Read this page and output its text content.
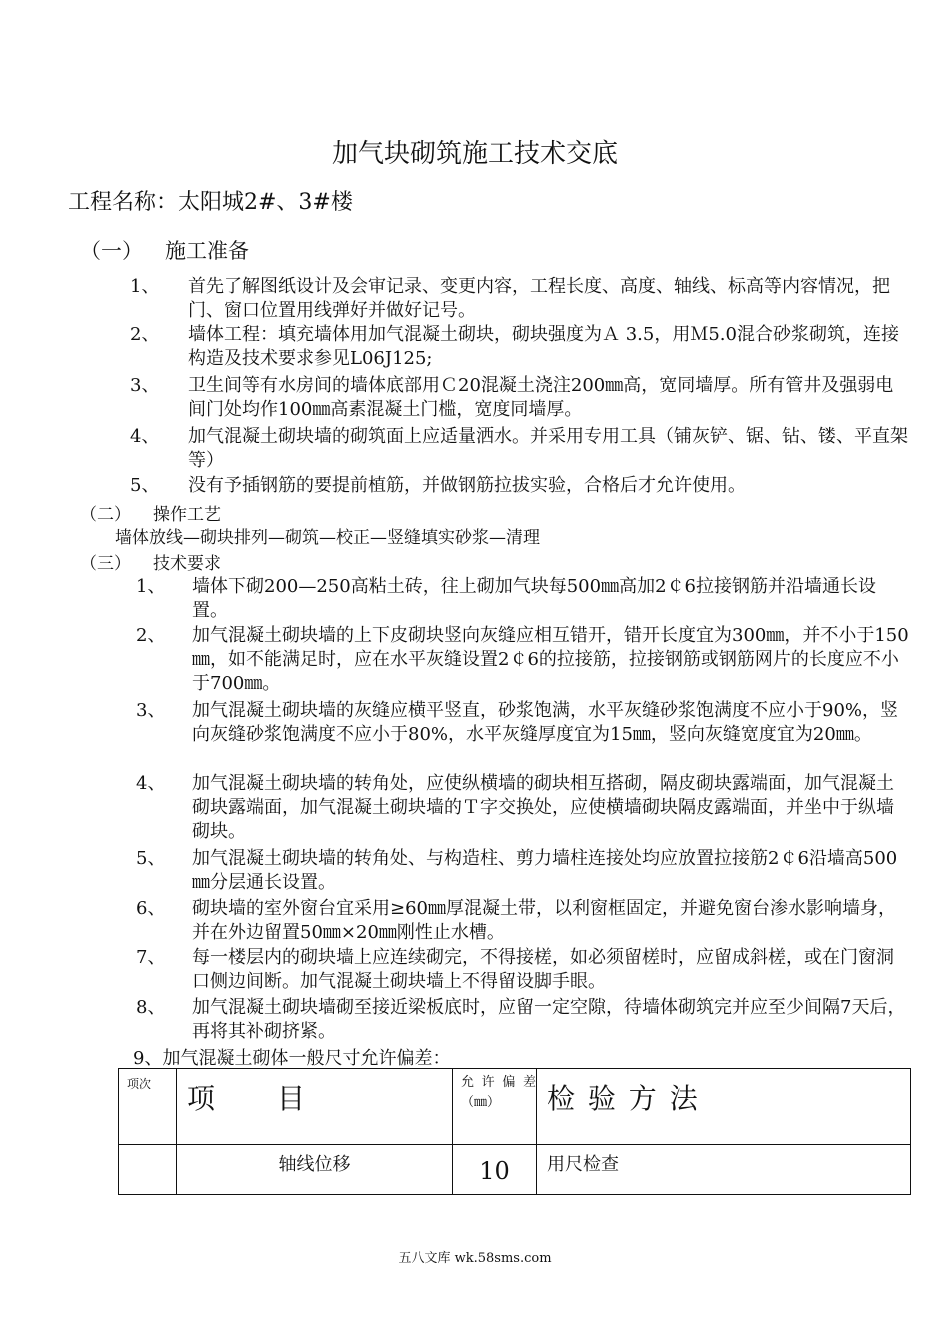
加气块砌筑施工技术交底
工程名称：太阳城2#、3#楼
（一） 施工准备
1、 首先了解图纸设计及会审记录、变更内容，工程长度、高度、轴线、标高等内容情况，把门、窗口位置用线弹好并做好记号。
2、 墙体工程：填充墙体用加气混凝土砌块，砌块强度为Ａ 3.5，用Ｍ5.0混合砂浆砌筑，连接构造及技术要求参见L06J125;
3、 卫生间等有水房间的墙体底部用Ｃ20混凝土浇注200㎜高，宽同墙厚。所有管井及强弱电间门处均作100㎜高素混凝土门槛，宽度同墙厚。
4、 加气混凝土砌块墙的砌筑面上应适量洒水。并采用专用工具（铺灰铲、锯、钻、镂、平直架等）
5、 没有予插钢筋的要提前植筋，并做钢筋拉拔实验，合格后才允许使用。
（二） 操作工艺
墙体放线—砌块排列—砌筑—校正—竖缝填实砂浆—清理
（三） 技术要求
1、 墙体下砌200—250高粘土砖，往上砌加气块每500㎜高加2￠6拉接钢筋并沿墙通长设置。
2、 加气混凝土砌块墙的上下皮砌块竖向灰缝应相互错开，错开长度宜为300㎜，并不小于150㎜，如不能满足时，应在水平灰缝设置2￠6的拉接筋，拉接钢筋或钢筋网片的长度应不小于700㎜。
3、 加气混凝土砌块墙的灰缝应横平竖直，砂浆饱满，水平灰缝砂浆饱满度不应小于90%，竖向灰缝砂浆饱满度不应小于80%，水平灰缝厚度宜为15㎜，竖向灰缝宽度宜为20㎜。
4、 加气混凝土砌块墙的转角处，应使纵横墙的砌块相互搭砌，隔皮砌块露端面，加气混凝土砌块露端面，加气混凝土砌块墙的Ｔ字交换处，应使横墙砌块隔皮露端面，并坐中于纵墙砌块。
5、 加气混凝土砌块墙的转角处、与构造柱、剪力墙柱连接处均应放置拉接筋2￠6沿墙高500㎜分层通长设置。
6、 砌块墙的室外窗台宜采用≥60㎜厚混凝土带，以利窗框固定，并避免窗台渗水影响墙身，并在外边留置50㎜×20㎜刚性止水槽。
7、 每一楼层内的砌块墙上应连续砌完，不得接槎，如必须留槎时，应留成斜槎，或在门窗洞口侧边间断。加气混凝土砌块墙上不得留设脚手眼。
8、 加气混凝土砌块墙砌至接近梁板底时，应留一定空隙，待墙体砌筑完并应至少间隔7天后，再将其补砌挤紧。
9、加气混凝土砌体一般尺寸允许偏差：
项次	项　　目	允许偏差（㎜）	检 验 方 法
	轴线位移	10	用尺检查
五八文库 wk.58sms.com
